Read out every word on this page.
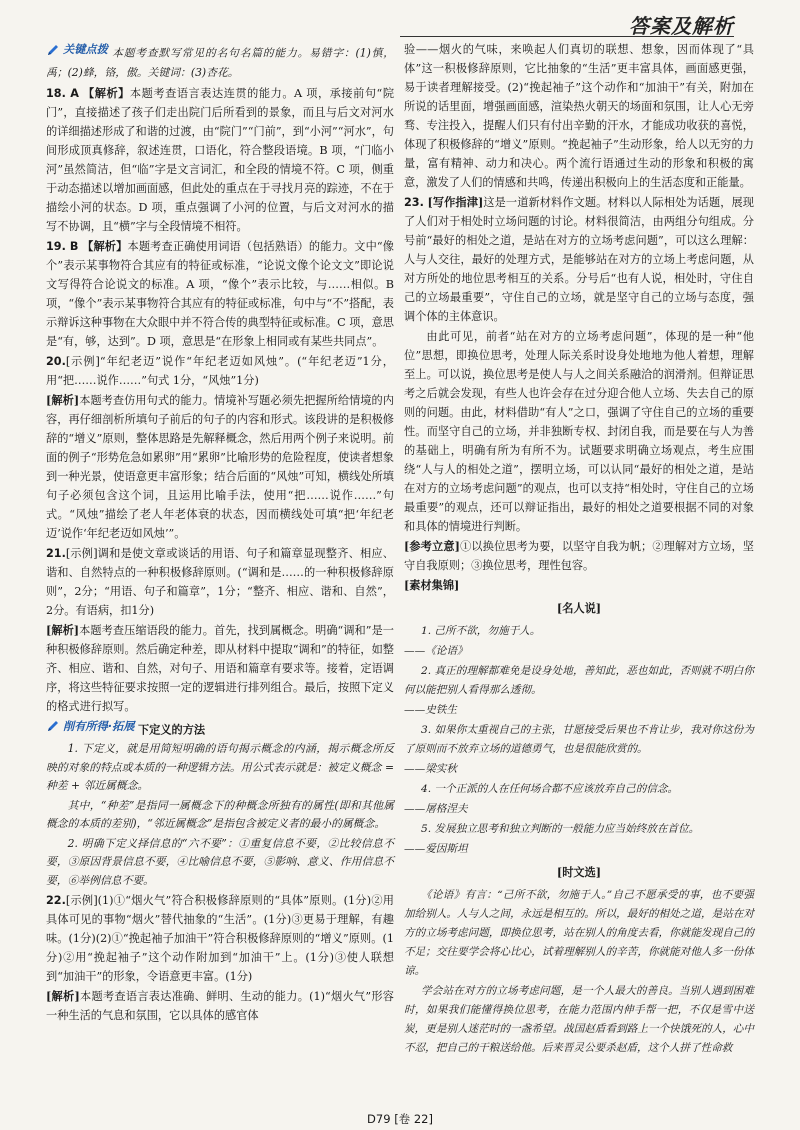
答案及解析

关键点拨 本题考查默写常见的名句名篇的能力。易错字：(1)慎，禹；(2)蜂，铬，傲。关键词：(3)杏花。

18. A 【解析】本题考查语言表达连贯的能力。A 项，承接前句“院门”，直接描述了孩子们走出院门后所看到的景象，而且与后文对河水的详细描述形成了和谐的过渡，由“院门”“门前”，到“小河”“河水”，句间形成顶真修辞，叙述连贯，口语化，符合整段语境。B 项，“门临小河”虽然简洁，但“临”字是文言词汇，和全段的情境不符。C 项，侧重于动态描述以增加画面感，但此处的重点在于寻找月亮的踪迹，不在于描绘小河的状态。D 项，重点强调了小河的位置，与后文对河水的描写不协调，且“横”字与全段情境不相符。

19. B 【解析】本题考查正确使用词语（包括熟语）的能力。文中“像个”表示某事物符合其应有的特征或标准，“论说文像个论文文”即论说文写得符合论说文的标准。A 项，“像个”表示比较，与……相似。B 项，“像个”表示某事物符合其应有的特征或标准，句中与“不”搭配，表示辩诉这种事物在大众眼中并不符合传的典型特征或标准。C 项，意思是“有，够，达到”。D 项，意思是“在形象上相同或有某些共同点”。

20.[示例]“年纪老迈”说作“年纪老迈如风烛”。(“年纪老迈”1分，用“把……说作……”句式 1分，“风烛”1分)

[解析]本题考查仿用句式的能力。情境补写题必须先把握所给情境的内容，再仔细剖析所填句子前后的句子的内容和形式。该段讲的是积极修辞的“增义”原则，整体思路是先解释概念，然后用两个例子来说明。前面的例子“形势危急如累卵”用“累卵”比喻形势的危险程度，使读者想象到一种光景，使语意更丰富形象；结合后面的“风烛”可知，横线处所填句子必须包含这个词，且运用比喻手法，使用“把……说作……”句式。“风烛”描绘了老人年老体衰的状态，因而横线处可填“把‘年纪老迈’说作‘年纪老迈如风烛’”。

21.[示例]调和是使文章或谈话的用语、句子和篇章显现整齐、相应、谐和、自然特点的一种积极修辞原则。(“调和是……的一种积极修辞原则”，2分；“用语、句子和篇章”，1分；“整齐、相应、谐和、自然”，2分。有语病，扣1分)

[解析]本题考查压缩语段的能力。首先，找到属概念。明确“调和”是一种积极修辞原则。然后确定种差，即从材料中提取“调和”的特征，如整齐、相应、谐和、自然，对句子、用语和篇章有要求等。接着，定语调序，将这些特征要求按照一定的逻辑进行排列组合。最后，按照下定义的格式进行拟写。

削有所得·拓展 下定义的方法

1. 下定义，就是用简短明确的语句揭示概念的内涵，揭示概念所反映的对象的特点或本质的一种逻辑方法。用公式表示就是：被定义概念 = 种差 + 邻近属概念。

其中，“种差”是指同一属概念下的种概念所独有的属性(即和其他属概念的本质的差别)，“邻近属概念”是指包含被定义者的最小的属概念。

2. 明确下定义择信息的“六不要”：①重复信息不要，②比较信息不要，③原因背景信息不要，④比喻信息不要，⑤影响、意义、作用信息不要，⑥举例信息不要。

22.[示例](1)①“烟火气”符合积极修辞原则的“具体”原则。(1分)②用具体可见的事物“烟火”替代抽象的“生活”。(1分)③更易于理解，有趣味。(1分)(2)①“挽起袖子加油干”符合积极修辞原则的“增义”原则。(1分)②用“挽起袖子”这个动作附加到“加油干”上。(1分)③使人联想到“加油干”的形象，令语意更丰富。(1分)

[解析]本题考查语言表达准确、鲜明、生动的能力。(1)“烟火气”形容一种生活的气息和氛围，它以具体的感官体

验——烟火的气味，来唤起人们真切的联想、想象，因而体现了“具体”这一积极修辞原则，它比抽象的“生活”更丰富具体，画面感更强，易于读者理解接受。(2)“挽起袖子”这个动作和“加油干”有关，附加在所说的话里面，增强画面感，渲染热火朝天的场面和氛围，让人心无旁骛、专注投入，提醒人们只有付出辛勤的汗水，才能成功收获的喜悦，体现了积极修辞的“增义”原则。“挽起袖子”生动形象，给人以无穷的力量，富有精神、动力和决心。两个流行语通过生动的形象和积极的寓意，激发了人们的情感和共鸣，传递出积极向上的生活态度和正能量。

23. [写作指津]这是一道新材料作文题。材料以人际相处为话题，展现了人们对于相处时立场问题的讨论。材料很简洁，由两组分句组成。分号前“最好的相处之道，是站在对方的立场考虑问题”，可以这么理解：人与人交往，最好的处理方式，是能够站在对方的立场上考虑问题，从对方所处的地位思考相互的关系。分号后“也有人说，相处时，守住自己的立场最重要”，守住自己的立场，就是坚守自己的立场与态度，强调个体的主体意识。

由此可见，前者“站在对方的立场考虑问题”，体现的是一种“他位”思想，即换位思考，处理人际关系时设身处地地为他人着想，理解至上。可以说，换位思考是使人与人之间关系融洽的润滑剂。但辩证思考之后就会发现，有些人也许会存在过分迎合他人立场、失去自己的原则的问题。由此，材料借助“有人”之口，强调了守住自己的立场的重要性。而坚守自己的立场，并非独断专权、封闭自我，而是要在与人为善的基础上，明确有所为有所不为。试题要求明确立场观点，考生应围绕“人与人的相处之道”，摆明立场，可以认同“最好的相处之道，是站在对方的立场考虑问题”的观点，也可以支持“相处时，守住自己的立场最重要”的观点，还可以辩证指出，最好的相处之道要根据不同的对象和具体的情境进行判断。

[参考立意]①以换位思考为要，以坚守自我为帆；②理解对方立场，坚守自我原则；③换位思考，理性包容。

[素材集锦]

[名人说]

1. 己所不欲，勿施于人。

——《论语》

2. 真正的理解都难免是设身处地，善知此，恶也如此，否则就不明白你何以能把别人看得那么透彻。

——史铁生

3. 如果你太重视自己的主张，甘愿接受后果也不肯让步，我对你这份为了原则而不放弃立场的道德勇气，也是很能欣赏的。

——梁实秋

4. 一个正派的人在任何场合都不应该放弃自己的信念。

——屠格涅夫

5. 发展独立思考和独立判断的一般能力应当始终放在首位。

——爱因斯坦

[时文选]

《论语》有言：“己所不欲，勿施于人。”自己不愿承受的事，也不要强加给别人。人与人之间，永远是相互的。所以，最好的相处之道，是站在对方的立场考虑问题，即换位思考，站在别人的角度去看，你就能发现自己的不足；交往要学会将心比心，试着理解别人的辛苦，你就能对他人多一份体谅。

学会站在对方的立场考虑问题，是一个人最大的善良。当别人遇到困难时，如果我们能懂得换位思考，在能力范围内伸手帮一把，不仅是雪中送炭，更是别人迷茫时的一盏希望。战国赵盾看到路上一个快饿死的人，心中不忍，把自己的干粮送给他。后来晋灵公要杀赵盾，这个人拼了性命救

D79 [卷 22]
